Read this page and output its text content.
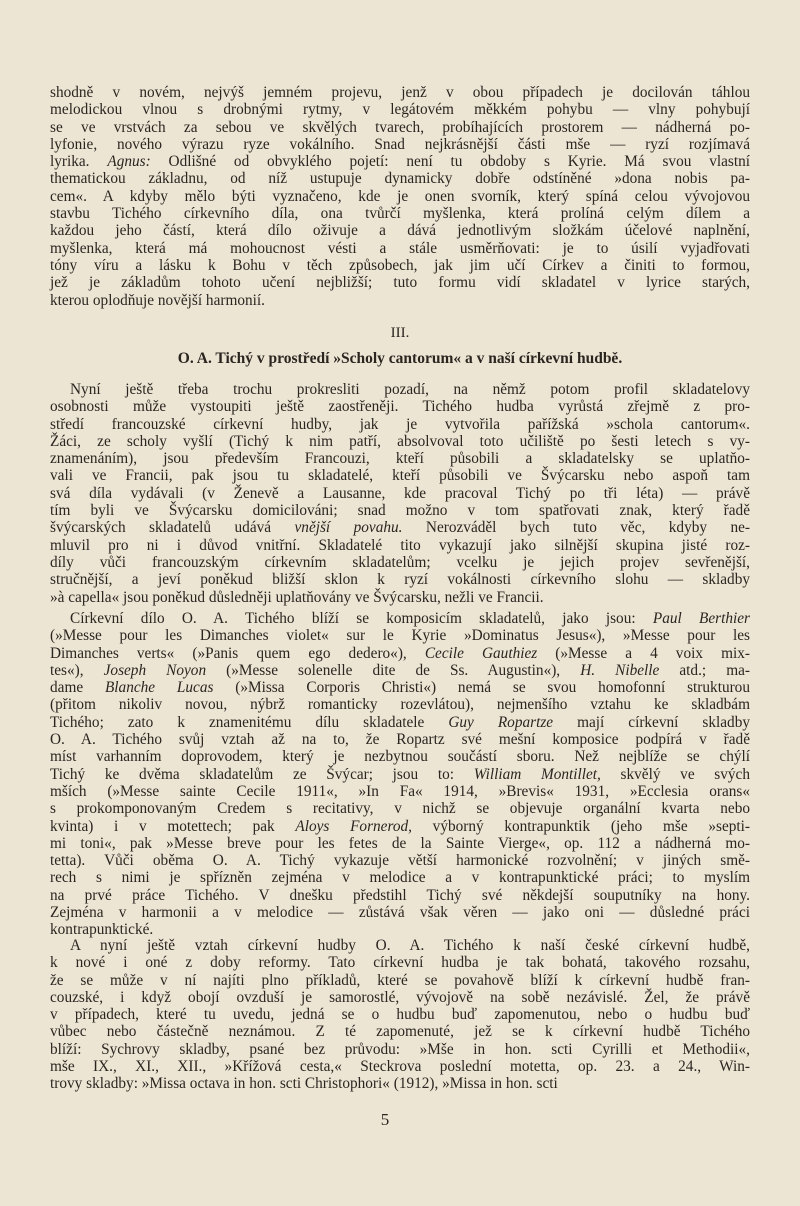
shodně v novém, nejvýš jemném projevu, jenž v obou případech je docilován táhlou
melodickou vlnou s drobnými rytmy, v legátovém měkkém pohybu — vlny pohybují
se ve vrstvách za sebou ve skvělých tvarech, probíhajících prostorem — nádherná po-
lyfonie, nového výrazu ryze vokálního. Snad nejkrásnější části mše — ryzí rozjímavá
lyrika. Agnus: Odlišné od obvyklého pojetí: není tu obdoby s Kyrie. Má svou vlastní
thematickou základnu, od níž ustupuje dynamicky dobře odstíněné »dona nobis pa-
cem«. A kdyby mělo býti vyznačeno, kde je onen svorník, který spíná celou vývojovou
stavbu Tichého církevního díla, ona tvůrčí myšlenka, která prolíná celým dílem a
každou jeho částí, která dílo oživuje a dává jednotlivým složkám účelové naplnění,
myšlenka, která má mohoucnost vésti a stále usměrňovati: je to úsilí vyjadřovati
tóny víru a lásku k Bohu v těch způsobech, jak jim učí Církev a činiti to formou,
jež je základům tohoto učení nejbližší; tuto formu vidí skladatel v lyrice starých,
kterou oplodňuje novější harmonií.
III.
O. A. Tichý v prostředí »Scholy cantorum« a v naší církevní hudbě.
Nyní ještě třeba trochu prokresliti pozadí, na němž potom profil skladatelovy
osobnosti může vystoupiti ještě zaostřeněji. Tichého hudba vyrůstá zřejmě z pro-
středí francouzské církevní hudby, jak je vytvořila pařížská »schola cantorum«.
Žáci, ze scholy vyšlí (Tichý k nim patří, absolvoval toto učiliště po šesti letech s vy-
znamenáním), jsou především Francouzi, kteří působili a skladatelsky se uplatňo-
vali ve Francii, pak jsou tu skladatelé, kteří působili ve Švýcarsku nebo aspoň tam
svá díla vydávali (v Ženevě a Lausanne, kde pracoval Tichý po tři léta) — právě
tím byli ve Švýcarsku domicilováni; snad možno v tom spatřovati znak, který řadě
švýcarských skladatelů udává vnější povahu. Nerozváděl bych tuto věc, kdyby ne-
mluvil pro ni i důvod vnitřní. Skladatelé tito vykazují jako silnější skupina jisté roz-
díly vůči francouzským církevním skladatelům; vcelku je jejich projev sevřenější,
stručnější, a jeví poněkud bližší sklon k ryzí vokálnosti církevního slohu — skladby
»à capella« jsou poněkud důsledněji uplatňovány ve Švýcarsku, nežli ve Francii.
Církevní dílo O. A. Tichého blíží se komposicím skladatelů, jako jsou: Paul Berthier
(»Messe pour les Dimanches violet« sur le Kyrie »Dominatus Jesus«), »Messe pour les
Dimanches verts« (»Panis quem ego dedero«), Cecile Gauthiez (»Messe a 4 voix mix-
tes«), Joseph Noyon (»Messe solenelle dite de Ss. Augustin«), H. Nibelle atd.; ma-
dame Blanche Lucas (»Missa Corporis Christi«) nemá se svou homofonní strukturou
(přitom nikoliv novou, nýbrž romanticky rozevlátou), nejmenšího vztahu ke skladbám
Tichého; zato k znamenitému dílu skladatele Guy Ropartze mají církevní skladby
O. A. Tichého svůj vztah až na to, že Ropartz své mešní komposice podpírá v řadě
míst varhanním doprovodem, který je nezbytnou součástí sboru. Než nejblíže se chýlí
Tichý ke dvěma skladatelům ze Švýcar; jsou to: William Montillet, skvělý ve svých
mších (»Messe sainte Cecile 1911«, »In Fa« 1914, »Brevis« 1931, »Ecclesia orans«
s prokomponovaným Credem s recitativy, v nichž se objevuje organální kvarta nebo
kvinta) i v motettech; pak Aloys Fornerod, výborný kontrapunktik (jeho mše »septi-
mi toni«, pak »Messe breve pour les fetes de la Sainte Vierge«, op. 112 a nádherná mo-
tetta). Vůči oběma O. A. Tichý vykazuje větší harmonické rozvolnění; v jiných smě-
rech s nimi je spřízněn zejména v melodice a v kontrapunktické práci; to myslím
na prvé práce Tichého. V dnešku předstihl Tichý své někdejší souputníky na hony.
Zejména v harmonii a v melodice — zůstává však věren — jako oni — důsledné práci
kontrapunktické.
A nyní ještě vztah církevní hudby O. A. Tichého k naší české církevní hudbě,
k nové i oné z doby reformy. Tato církevní hudba je tak bohatá, takového rozsahu,
že se může v ní najíti plno příkladů, které se povahově blíží k církevní hudbě fran-
couzské, i když obojí ovzduší je samorostlé, vývojově na sobě nezávislé. Žel, že právě
v případech, které tu uvedu, jedná se o hudbu buď zapomenutou, nebo o hudbu buď
vůbec nebo částečně neznámou. Z té zapomenuté, jež se k církevní hudbě Tichého
blíží: Sychrovy skladby, psané bez průvodu: »Mše in hon. scti Cyrilli et Methodii«,
mše IX., XI., XII., »Křížová cesta,« Steckrova poslední motetta, op. 23. a 24., Win-
trovy skladby: »Missa octava in hon. scti Christophori« (1912), »Missa in hon. scti
5
